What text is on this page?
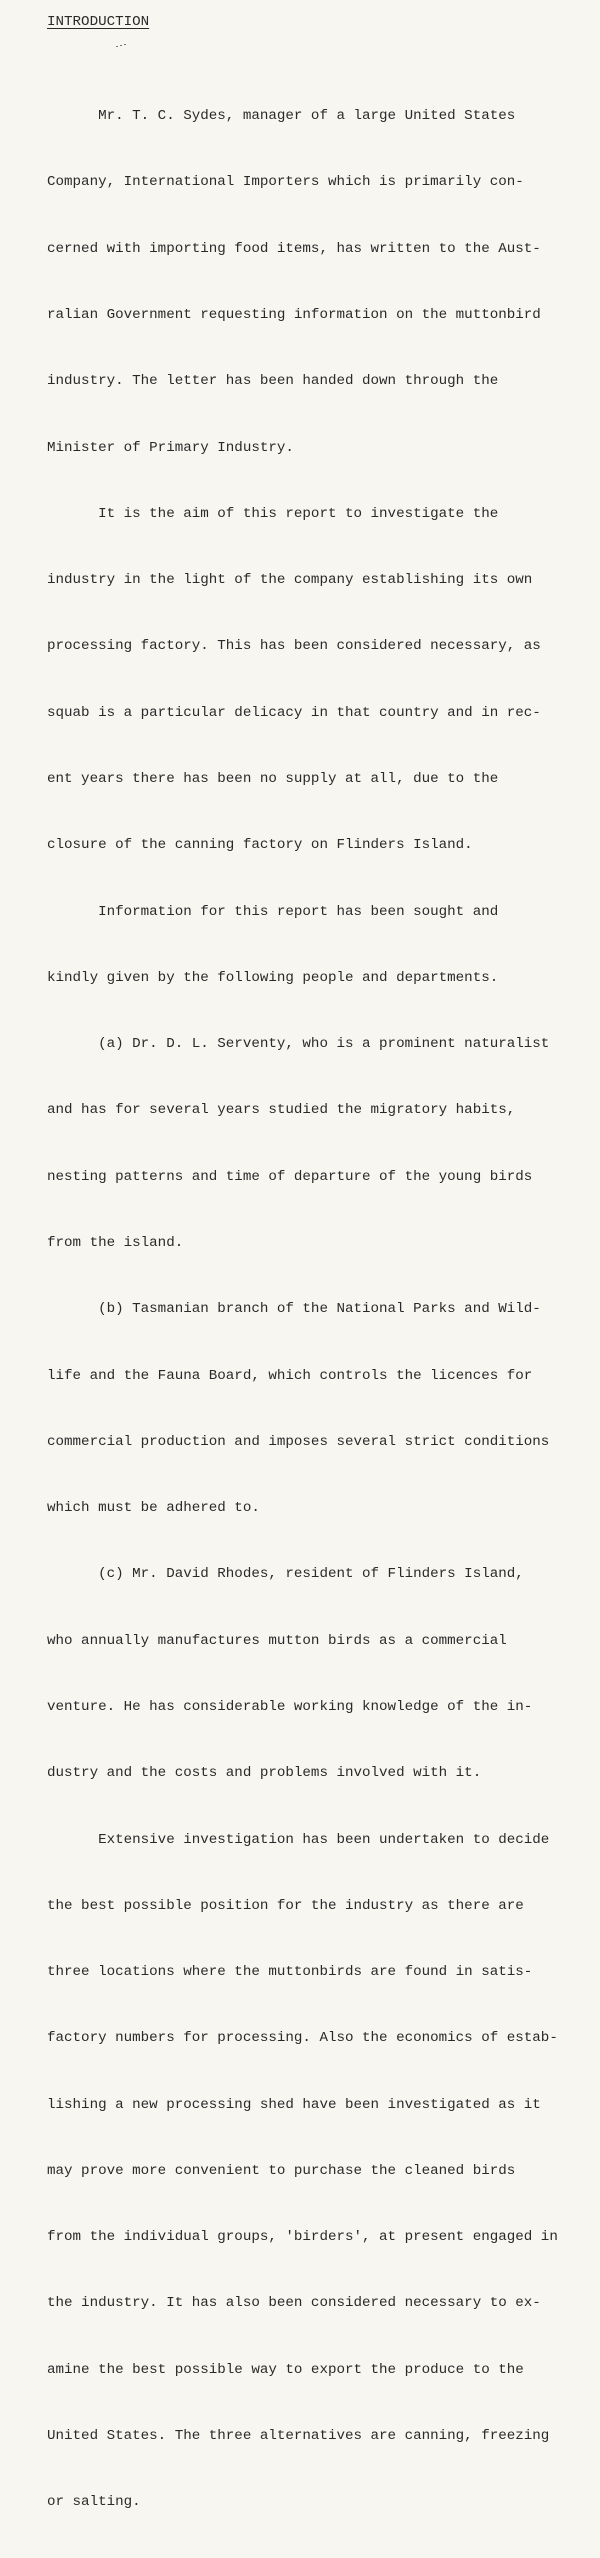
INTRODUCTION

Mr. T. C. Sydes, manager of a large United States

Company, International Importers which is primarily con-

cerned with importing food items, has written to the Aust-

ralian Government requesting information on the muttonbird

industry. The letter has been handed down through the

Minister of Primary Industry.

It is the aim of this report to investigate the

industry in the light of the company establishing its own

processing factory. This has been considered necessary, as

squab is a particular delicacy in that country and in rec-

ent years there has been no supply at all, due to the

closure of the canning factory on Flinders Island.

Information for this report has been sought and

kindly given by the following people and departments.

(a) Dr. D. L. Serventy, who is a prominent naturalist

and has for several years studied the migratory habits,

nesting patterns and time of departure of the young birds

from the island.

(b) Tasmanian branch of the National Parks and Wild-

life and the Fauna Board, which controls the licences for

commercial production and imposes several strict conditions

which must be adhered to.

(c) Mr. David Rhodes, resident of Flinders Island,

who annually manufactures mutton birds as a commercial

venture. He has considerable working knowledge of the in-

dustry and the costs and problems involved with it.

Extensive investigation has been undertaken to decide

the best possible position for the industry as there are

three locations where the muttonbirds are found in satis-

factory numbers for processing. Also the economics of estab-

lishing a new processing shed have been investigated as it

may prove more convenient to purchase the cleaned birds

from the individual groups, 'birders', at present engaged in

the industry. It has also been considered necessary to ex-

amine the best possible way to export the produce to the

United States. The three alternatives are canning, freezing

or salting.
